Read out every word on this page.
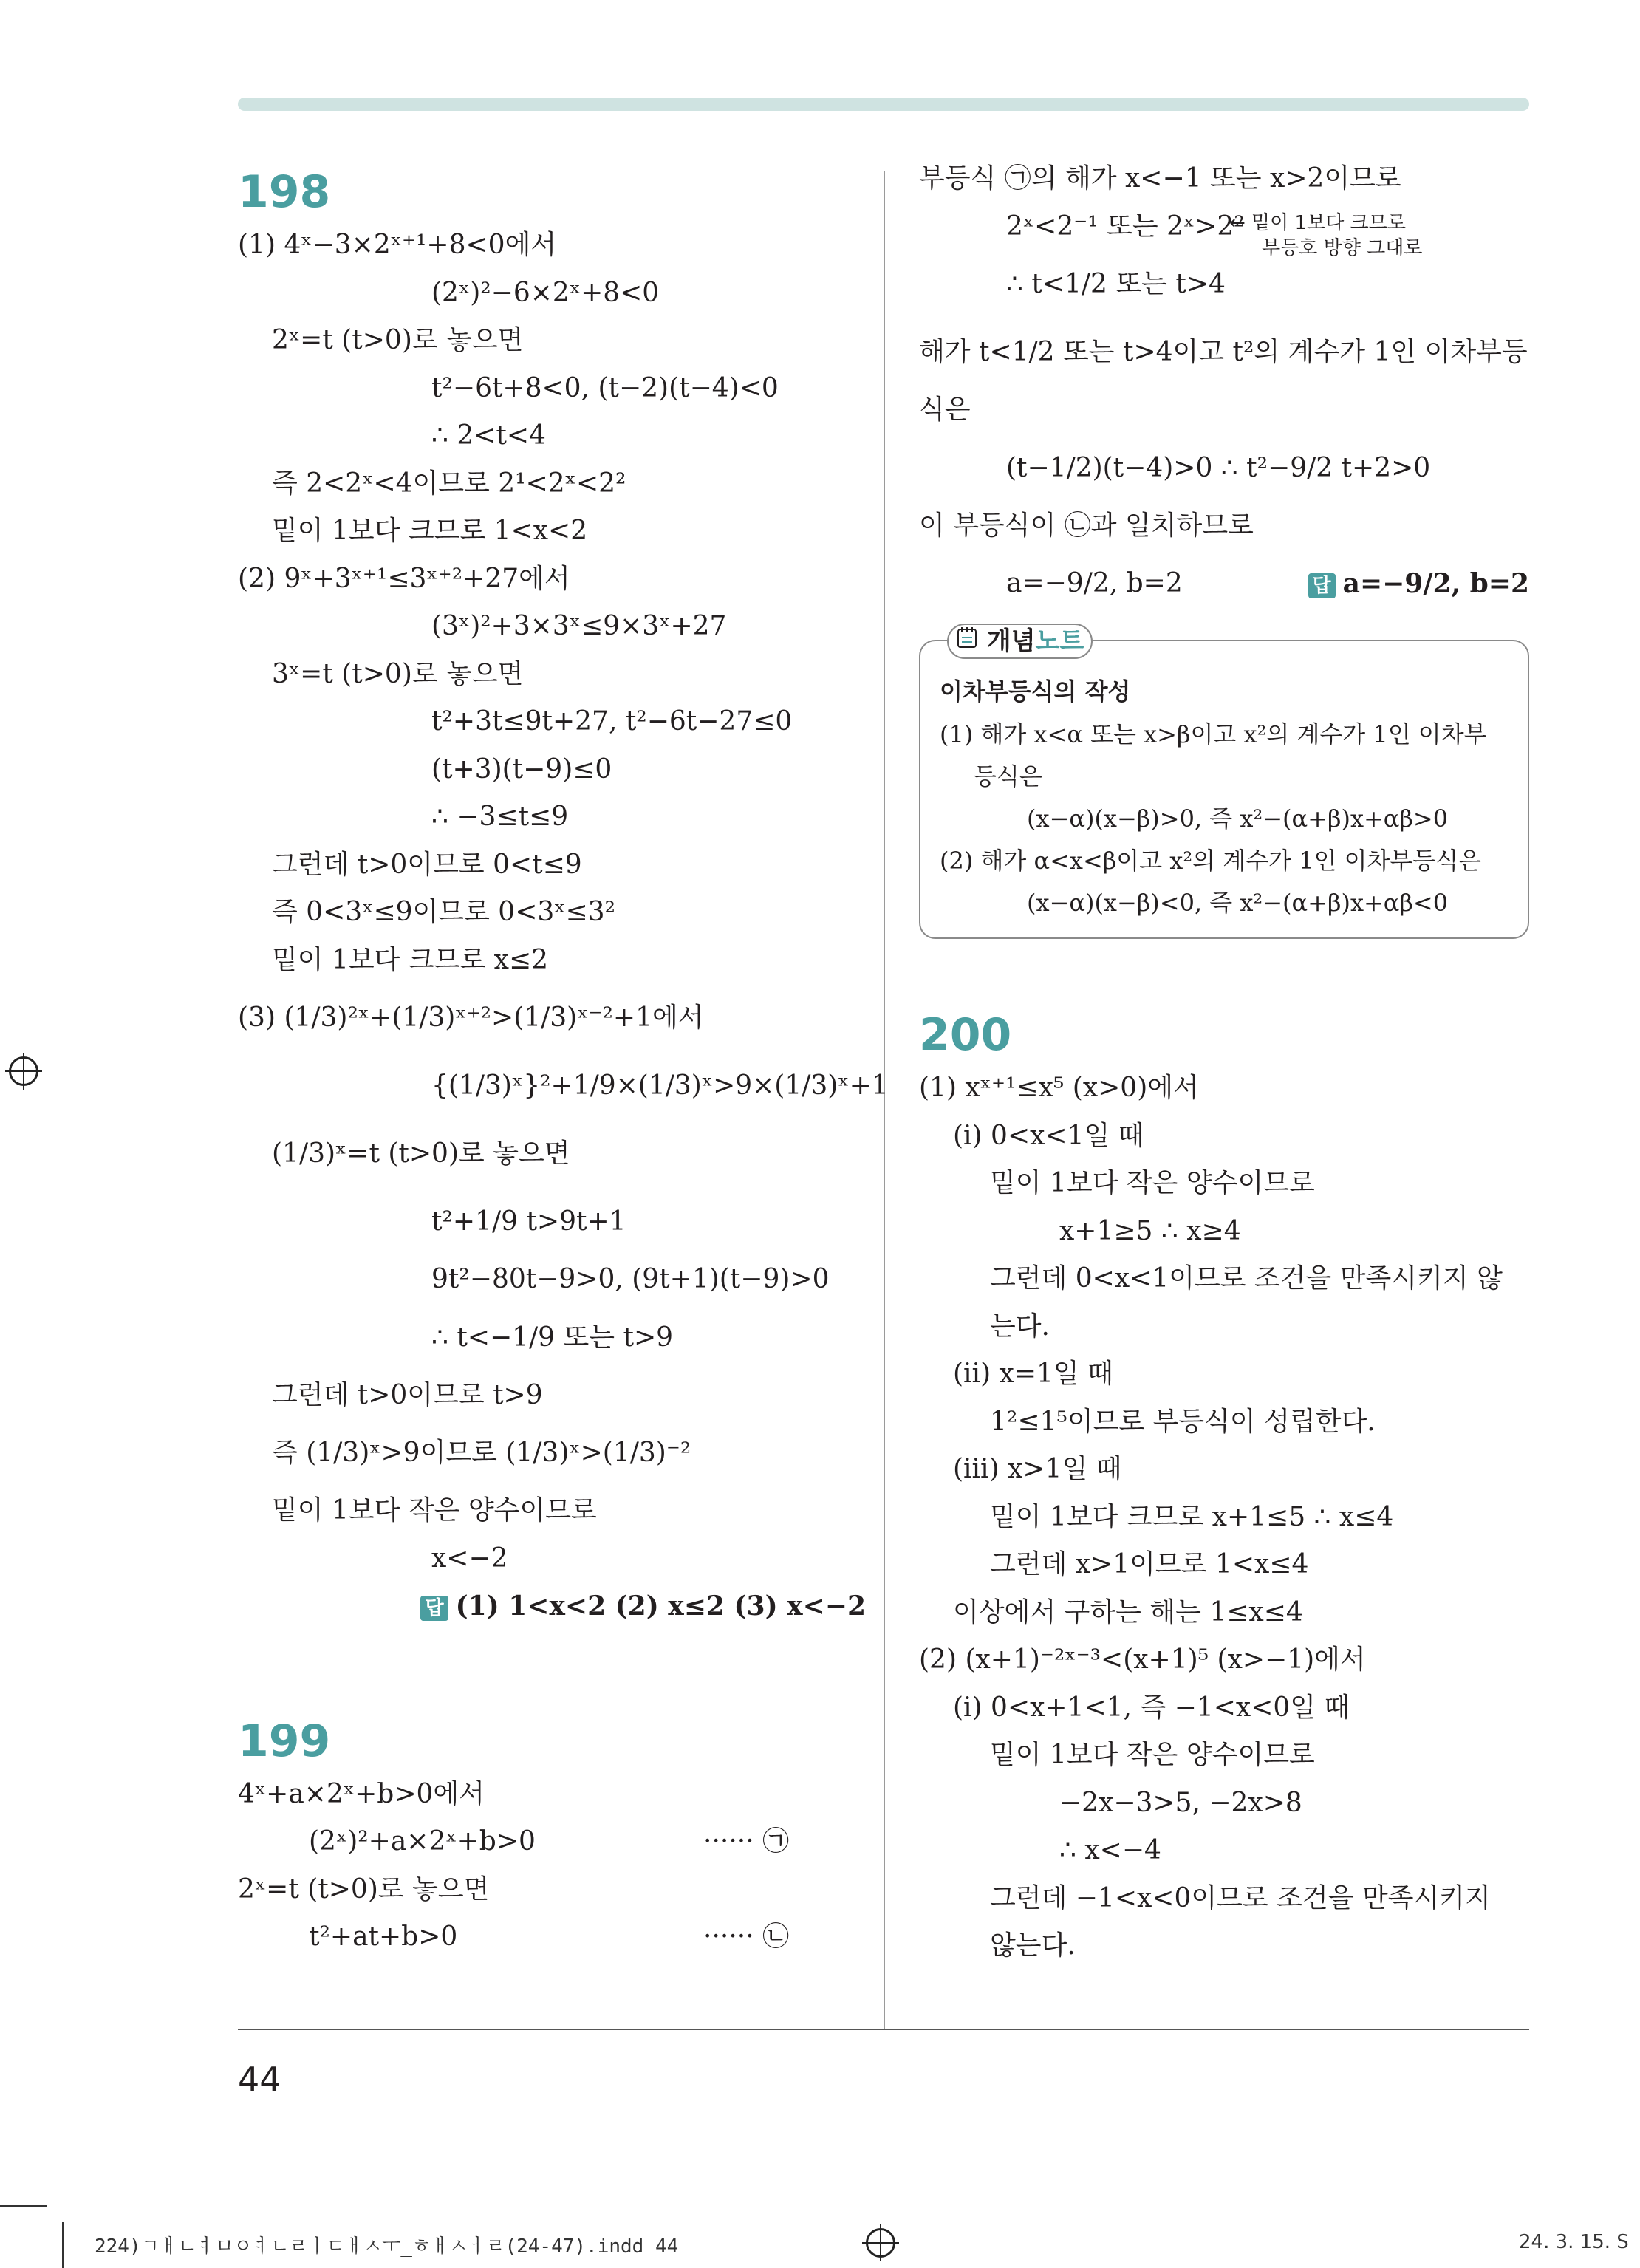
198
(1) 4ˣ−3×2ˣ⁺¹+8<0에서
(2ˣ)²−6×2ˣ+8<0
2ˣ=t (t>0)로 놓으면
t²−6t+8<0, (t−2)(t−4)<0
∴ 2<t<4
즉 2<2ˣ<4이므로 2¹<2ˣ<2²
밑이 1보다 크므로 1<x<2
(2) 9ˣ+3ˣ⁺¹≤3ˣ⁺²+27에서
(3ˣ)²+3×3ˣ≤9×3ˣ+27
3ˣ=t (t>0)로 놓으면
t²+3t≤9t+27, t²−6t−27≤0
(t+3)(t−9)≤0
∴ −3≤t≤9
그런데 t>0이므로 0<t≤9
즉 0<3ˣ≤9이므로 0<3ˣ≤3²
밑이 1보다 크므로 x≤2
(3) (1/3)²ˣ+(1/3)ˣ⁺²>(1/3)ˣ⁻²+1에서
{(1/3)ˣ}²+1/9×(1/3)ˣ>9×(1/3)ˣ+1
(1/3)ˣ=t (t>0)로 놓으면
t²+1/9 t>9t+1
9t²−80t−9>0, (9t+1)(t−9)>0
∴ t<−1/9 또는 t>9
그런데 t>0이므로 t>9
즉 (1/3)ˣ>9이므로 (1/3)ˣ>(1/3)⁻²
밑이 1보다 작은 양수이므로
x<−2
답 (1) 1<x<2 (2) x≤2 (3) x<−2
199
4ˣ+a×2ˣ+b>0에서
(2ˣ)²+a×2ˣ+b>0	······ ㉠
2ˣ=t (t>0)로 놓으면
t²+at+b>0	······ ㉡
부등식 ㉠의 해가 x<−1 또는 x>2이므로
2ˣ<2⁻¹ 또는 2ˣ>2²
← 밑이 1보다 크므로
부등호 방향 그대로
∴ t<1/2 또는 t>4
해가 t<1/2 또는 t>4이고 t²의 계수가 1인 이차부등
식은
(t−1/2)(t−4)>0 ∴ t²−9/2 t+2>0
이 부등식이 ㉡과 일치하므로
a=−9/2, b=2	답 a=−9/2, b=2
개념노트
이차부등식의 작성
(1) 해가 x<α 또는 x>β이고 x²의 계수가 1인 이차부
등식은
(x−α)(x−β)>0, 즉 x²−(α+β)x+αβ>0
(2) 해가 α<x<β이고 x²의 계수가 1인 이차부등식은
(x−α)(x−β)<0, 즉 x²−(α+β)x+αβ<0
200
(1) xˣ⁺¹≤x⁵ (x>0)에서
(ⅰ) 0<x<1일 때
밑이 1보다 작은 양수이므로
x+1≥5 ∴ x≥4
그런데 0<x<1이므로 조건을 만족시키지 않
는다.
(ⅱ) x=1일 때
1²≤1⁵이므로 부등식이 성립한다.
(ⅲ) x>1일 때
밑이 1보다 크므로 x+1≤5 ∴ x≤4
그런데 x>1이므로 1<x≤4
이상에서 구하는 해는 1≤x≤4
(2) (x+1)⁻²ˣ⁻³<(x+1)⁵ (x>−1)에서
(ⅰ) 0<x+1<1, 즉 −1<x<0일 때
밑이 1보다 작은 양수이므로
−2x−3>5, −2x>8
∴ x<−4
그런데 −1<x<0이므로 조건을 만족시키지
않는다.
44
224)ㄱㅐㄴㅕㅁㅇㅕㄴㄹㅣㄷㅐㅅㅜ_ㅎㅐㅅㅓㄹ(24-47).indd 44	24. 3. 15. S
